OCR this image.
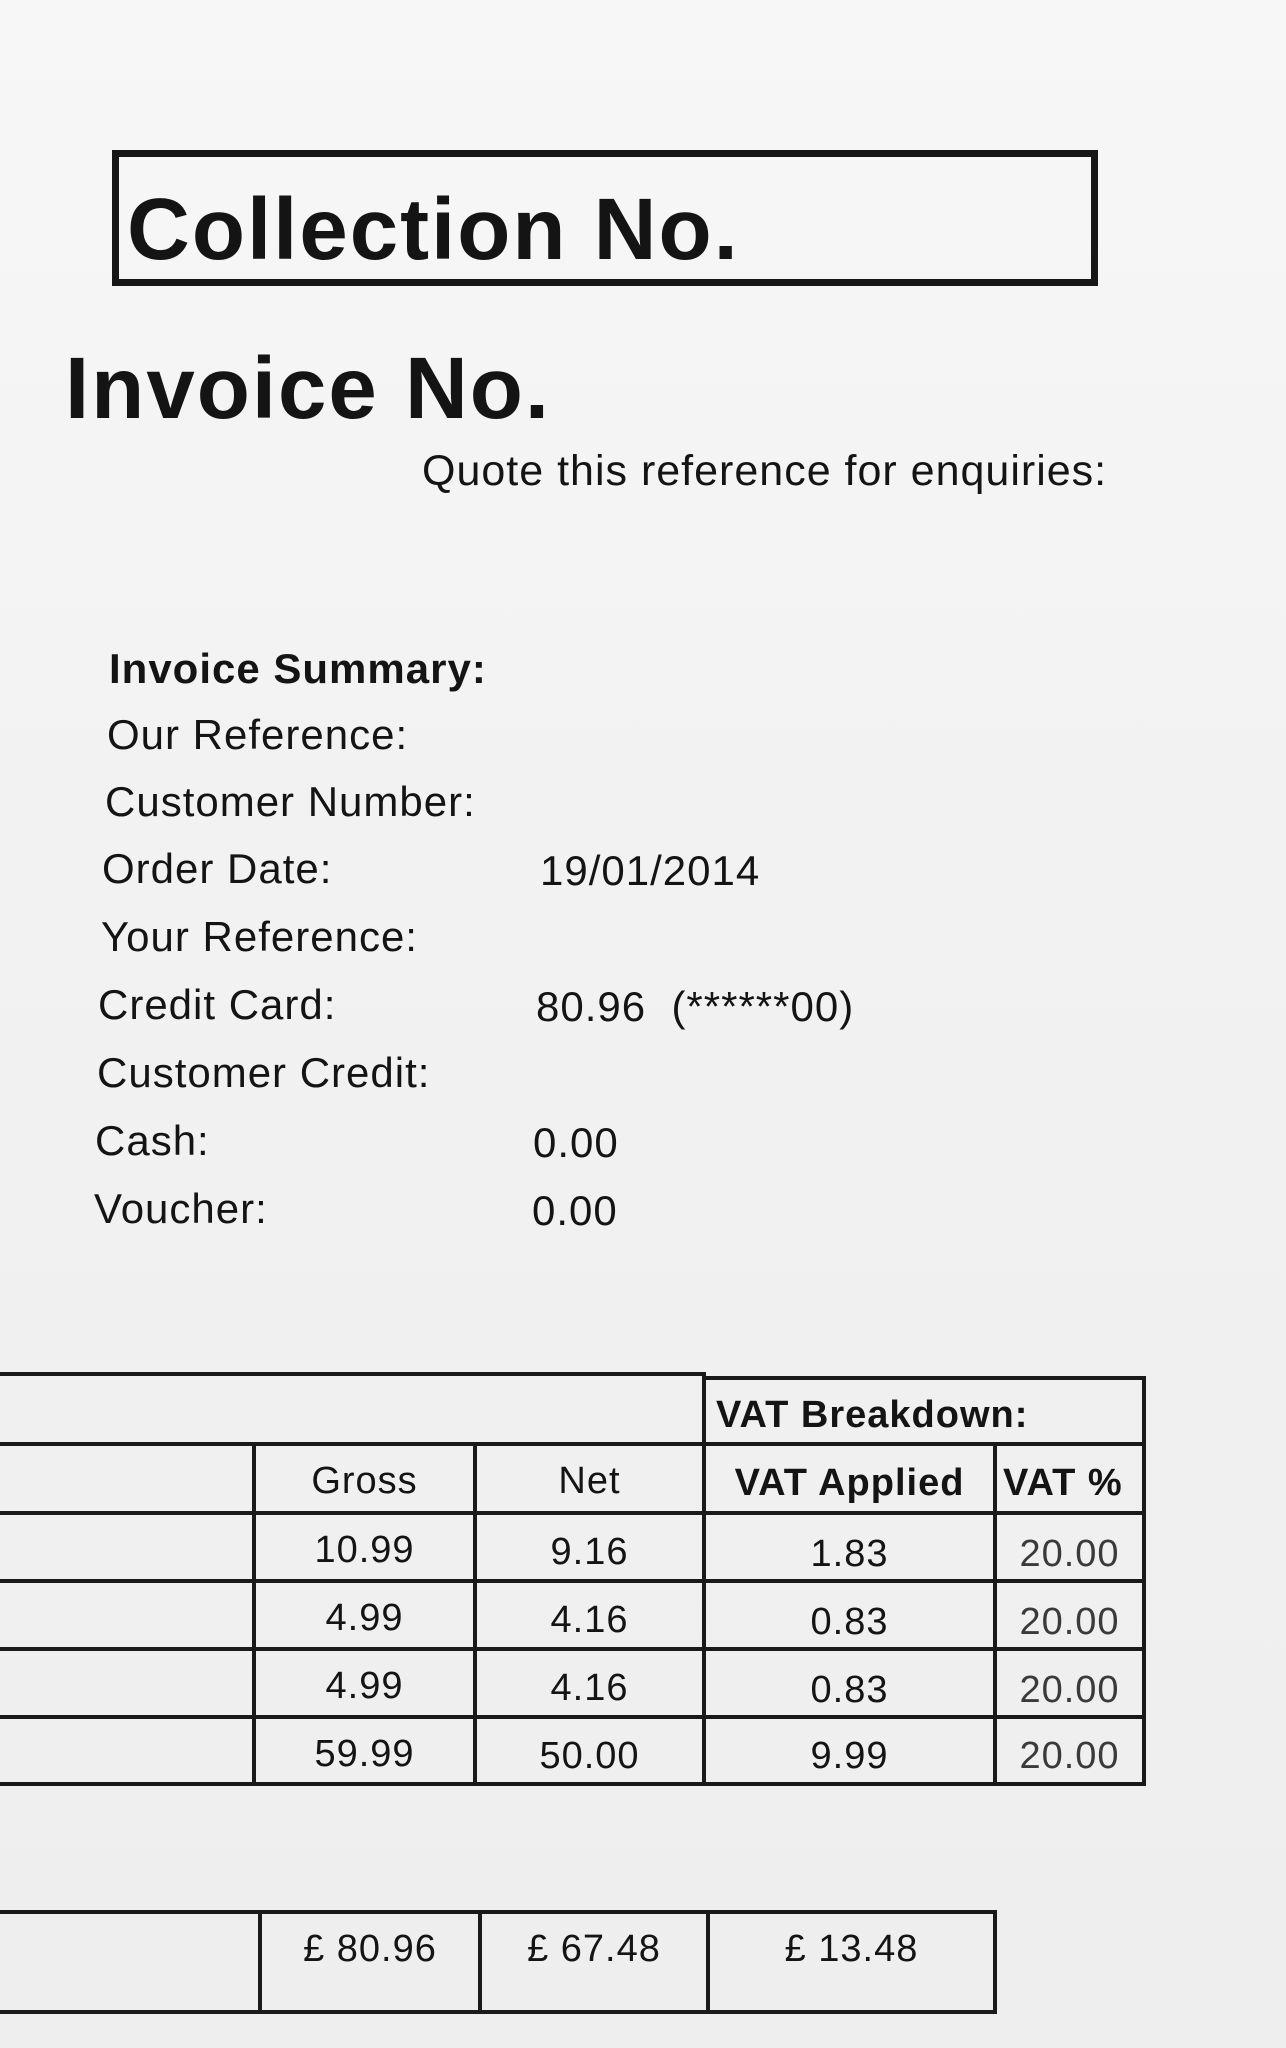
Collection No.
Invoice No.
Quote this reference for enquiries:
Invoice Summary:
Our Reference:
Customer Number:
Order Date:	19/01/2014
Your Reference:
Credit Card:	80.96  (******00)
Customer Credit:
Cash:	0.00
Voucher:	0.00
VAT Breakdown:
Gross	Net	VAT Applied	VAT %
10.99	9.16	1.83	20.00
4.99	4.16	0.83	20.00
4.99	4.16	0.83	20.00
59.99	50.00	9.99	20.00
£ 80.96	£ 67.48	£ 13.48
